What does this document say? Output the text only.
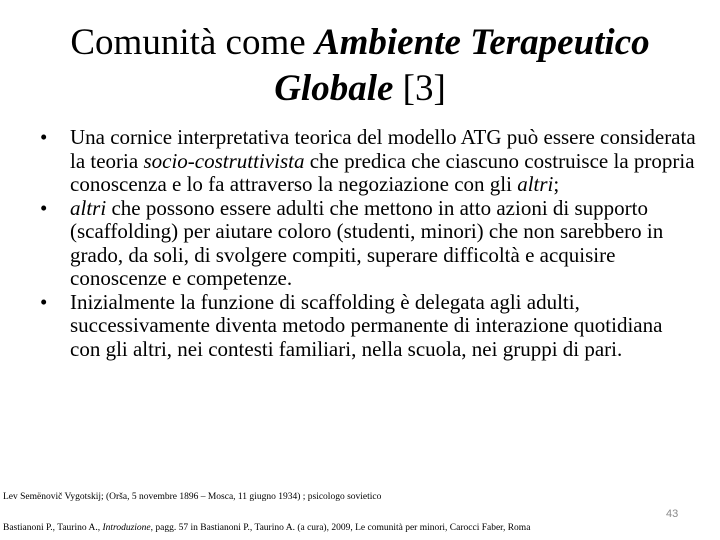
Comunità come Ambiente Terapeutico
Globale [3]

• Una cornice interpretativa teorica del modello ATG può essere considerata la teoria socio-costruttivista che predica che ciascuno costruisce la propria conoscenza e lo fa attraverso la negoziazione con gli altri;

• altri che possono essere adulti che mettono in atto azioni di supporto (scaffolding) per aiutare coloro (studenti, minori) che non sarebbero in grado, da soli, di svolgere compiti, superare difficoltà e acquisire conoscenze e competenze.

• Inizialmente la funzione di scaffolding è delegata agli adulti, successivamente diventa metodo permanente di interazione quotidiana con gli altri, nei contesti familiari, nella scuola, nei gruppi di pari.

Lev Semënovič Vygotskij; (Orša, 5 novembre 1896 – Mosca, 11 giugno 1934) ; psicologo sovietico
43
Bastianoni P., Taurino A., Introduzione, pagg. 57 in Bastianoni P., Taurino A. (a cura), 2009, Le comunità per minori, Carocci Faber, Roma
